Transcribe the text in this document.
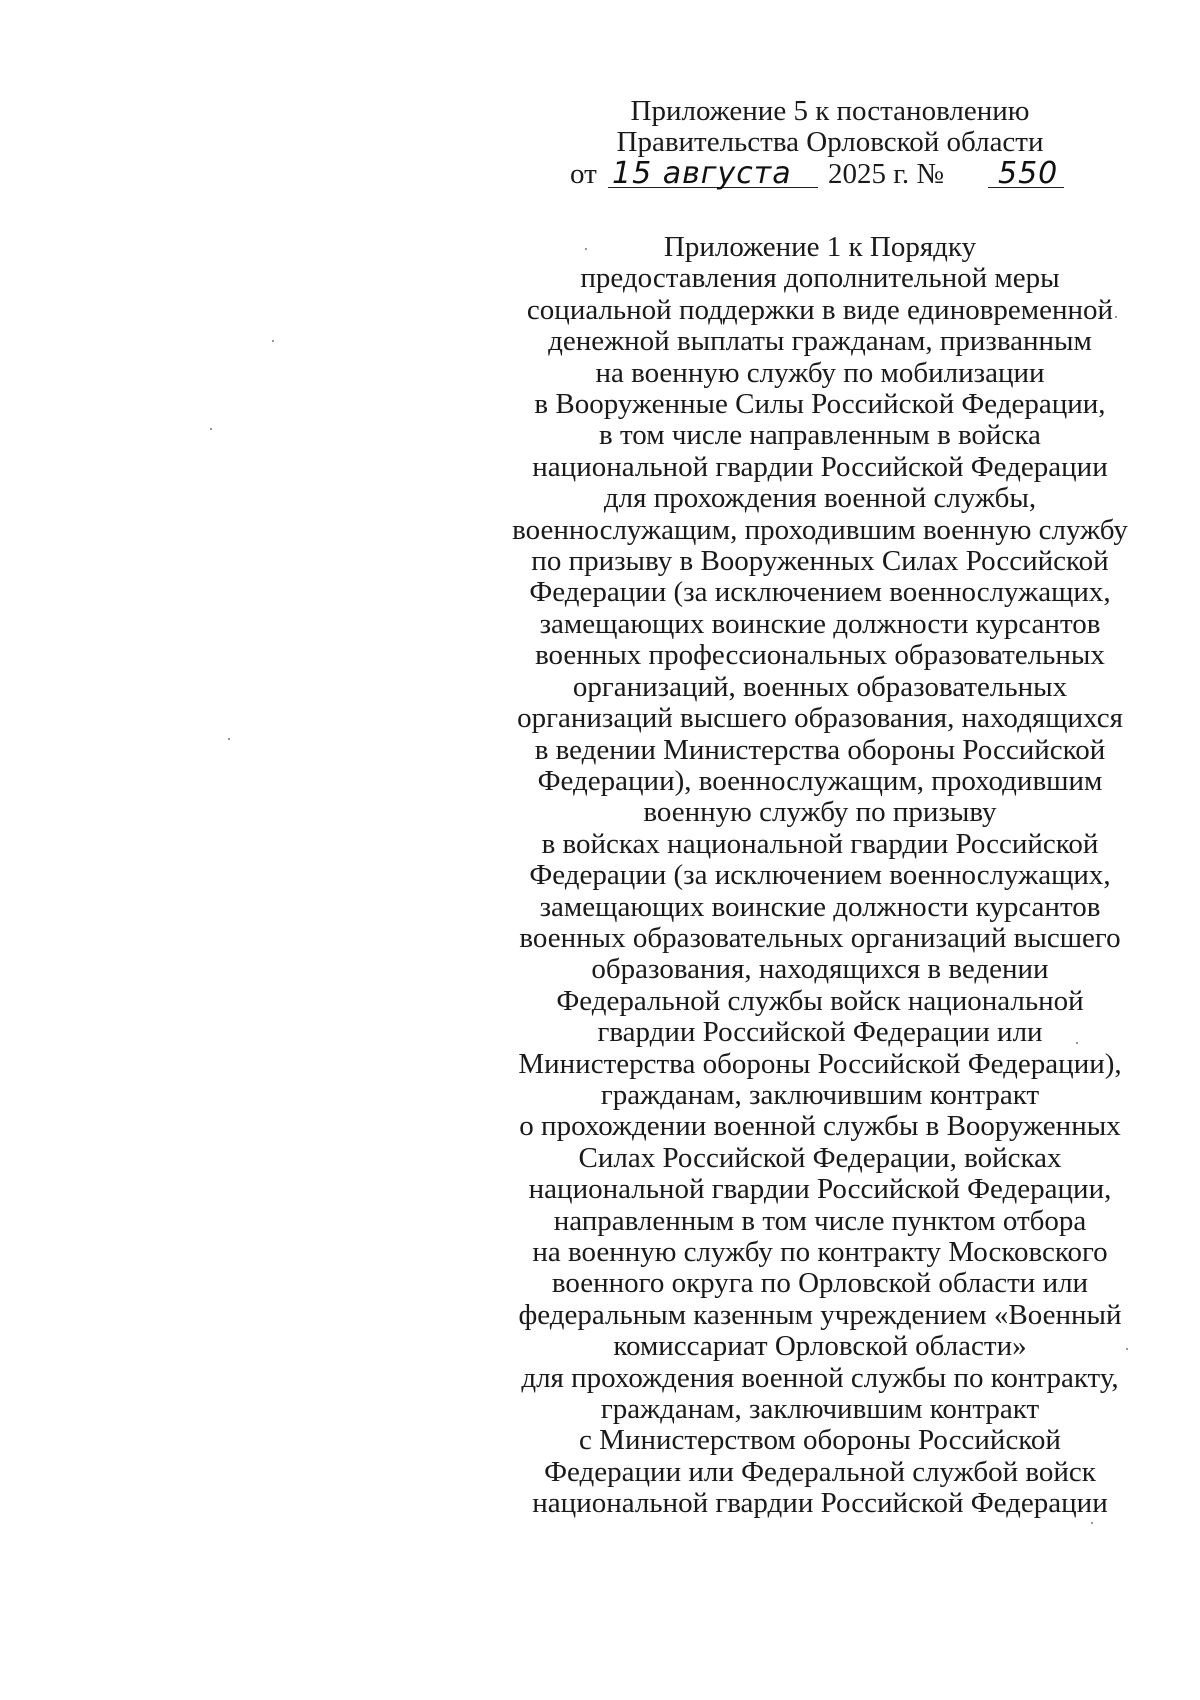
Приложение 5 к постановлению
Правительства Орловской области
от 15 августа 2025 г. № 550
Приложение 1 к Порядку
предоставления дополнительной меры
социальной поддержки в виде единовременной
денежной выплаты гражданам, призванным
на военную службу по мобилизации
в Вооруженные Силы Российской Федерации,
в том числе направленным в войска
национальной гвардии Российской Федерации
для прохождения военной службы,
военнослужащим, проходившим военную службу
по призыву в Вооруженных Силах Российской
Федерации (за исключением военнослужащих,
замещающих воинские должности курсантов
военных профессиональных образовательных
организаций, военных образовательных
организаций высшего образования, находящихся
в ведении Министерства обороны Российской
Федерации), военнослужащим, проходившим
военную службу по призыву
в войсках национальной гвардии Российской
Федерации (за исключением военнослужащих,
замещающих воинские должности курсантов
военных образовательных организаций высшего
образования, находящихся в ведении
Федеральной службы войск национальной
гвардии Российской Федерации или
Министерства обороны Российской Федерации),
гражданам, заключившим контракт
о прохождении военной службы в Вооруженных
Силах Российской Федерации, войсках
национальной гвардии Российской Федерации,
направленным в том числе пунктом отбора
на военную службу по контракту Московского
военного округа по Орловской области или
федеральным казенным учреждением «Военный
комиссариат Орловской области»
для прохождения военной службы по контракту,
гражданам, заключившим контракт
с Министерством обороны Российской
Федерации или Федеральной службой войск
национальной гвардии Российской Федерации
